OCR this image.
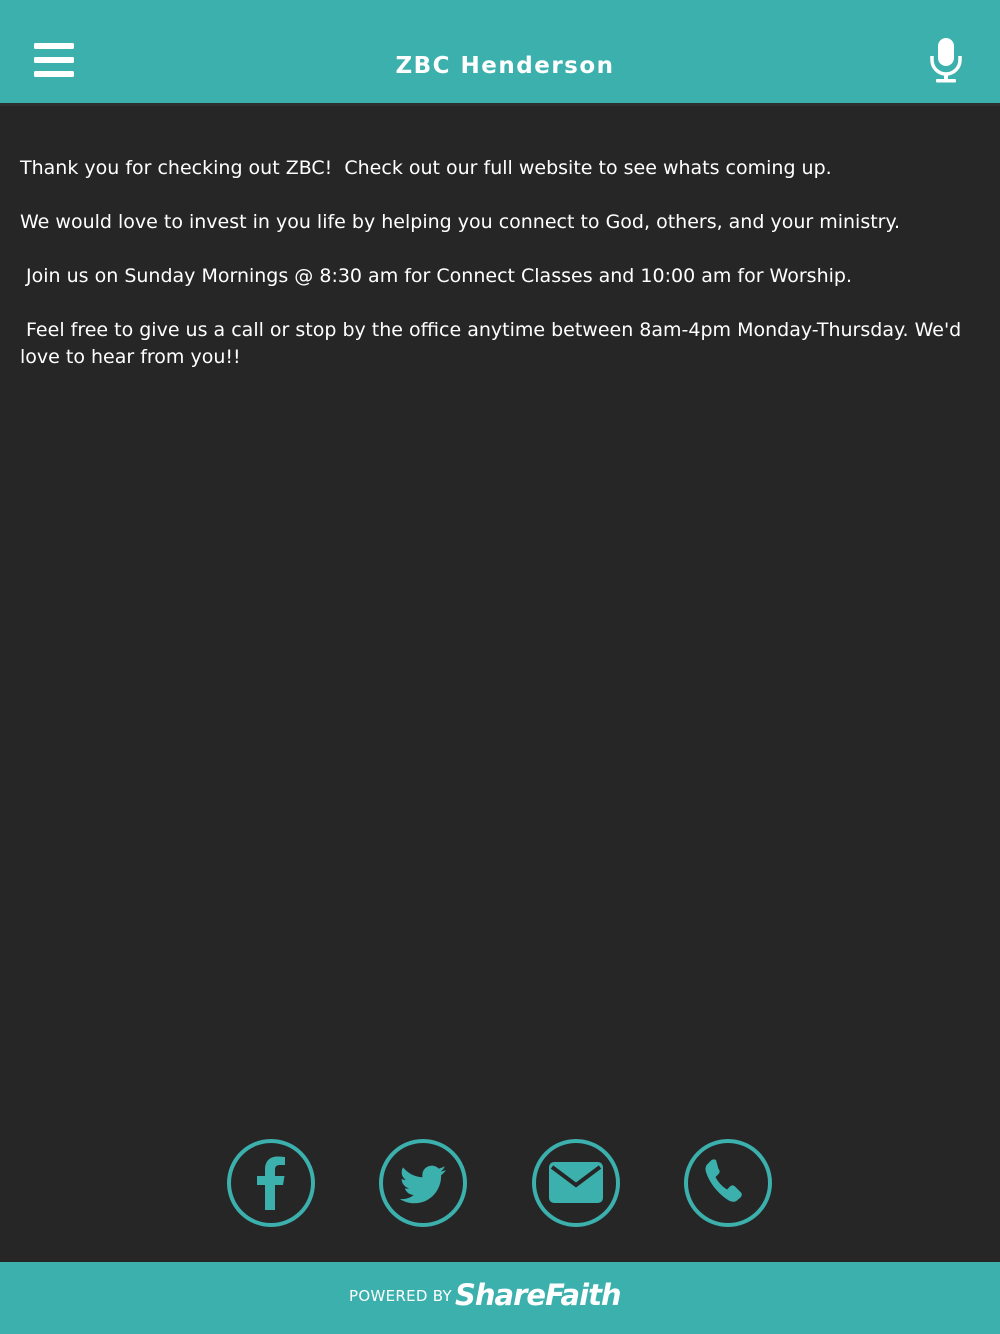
ZBC Henderson

Thank you for checking out ZBC!  Check out our full website to see whats coming up.

We would love to invest in you life by helping you connect to God, others, and your ministry.

Join us on Sunday Mornings @ 8:30 am for Connect Classes and 10:00 am for Worship.

Feel free to give us a call or stop by the office anytime between 8am-4pm Monday-Thursday. We'd love to hear from you!!

POWERED BY ShareFaith
